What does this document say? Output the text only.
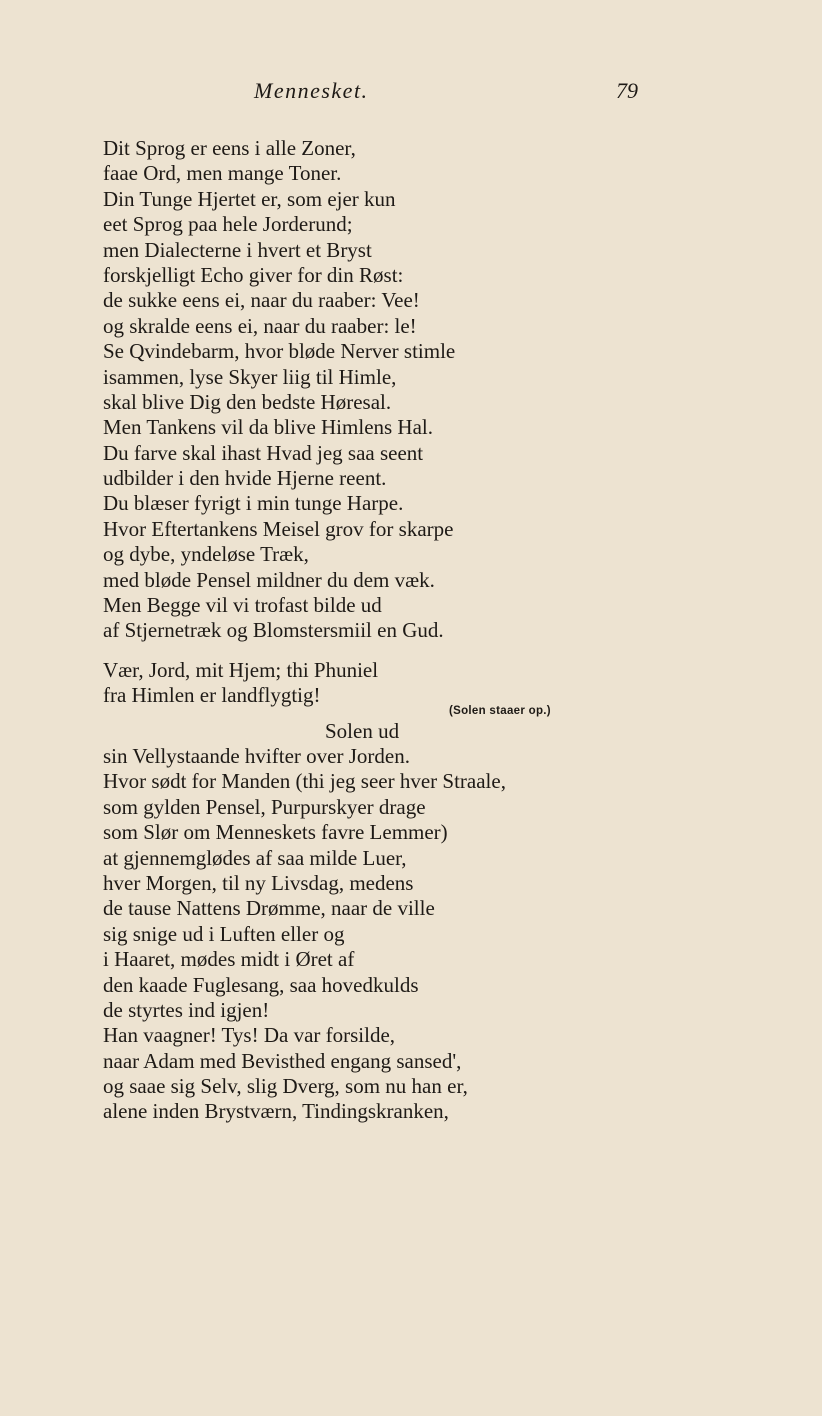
Mennesket.	79
Dit Sprog er eens i alle Zoner,
faae Ord, men mange Toner.
Din Tunge Hjertet er, som ejer kun
eet Sprog paa hele Jorderund;
men Dialecterne i hvert et Bryst
forskjelligt Echo giver for din Røst:
de sukke eens ei, naar du raaber: Vee!
og skralde eens ei, naar du raaber: le!
Se Qvindebarm, hvor bløde Nerver stimle
isammen, lyse Skyer liig til Himle,
skal blive Dig den bedste Høresal.
Men Tankens vil da blive Himlens Hal.
Du farve skal ihast Hvad jeg saa seent
udbilder i den hvide Hjerne reent.
Du blæser fyrigt i min tunge Harpe.
Hvor Eftertankens Meisel grov for skarpe
og dybe, yndeløse Træk,
med bløde Pensel mildner du dem væk.
Men Begge vil vi trofast bilde ud
af Stjernetræk og Blomstersmiil en Gud.
Vær, Jord, mit Hjem; thi Phuniel
fra Himlen er landflygtig!
(Solen staaer op.)
Solen ud
sin Vellystaande hvifter over Jorden.
Hvor sødt for Manden (thi jeg seer hver Straale,
som gylden Pensel, Purpurskyer drage
som Slør om Menneskets favre Lemmer)
at gjennemglødes af saa milde Luer,
hver Morgen, til ny Livsdag, medens
de tause Nattens Drømme, naar de ville
sig snige ud i Luften eller og
i Haaret, mødes midt i Øret af
den kaade Fuglesang, saa hovedkulds
de styrtes ind igjen!
Han vaagner! Tys! Da var forsilde,
naar Adam med Bevisthed engang sansed',
og saae sig Selv, slig Dverg, som nu han er,
alene inden Brystværn, Tindingskranken,
